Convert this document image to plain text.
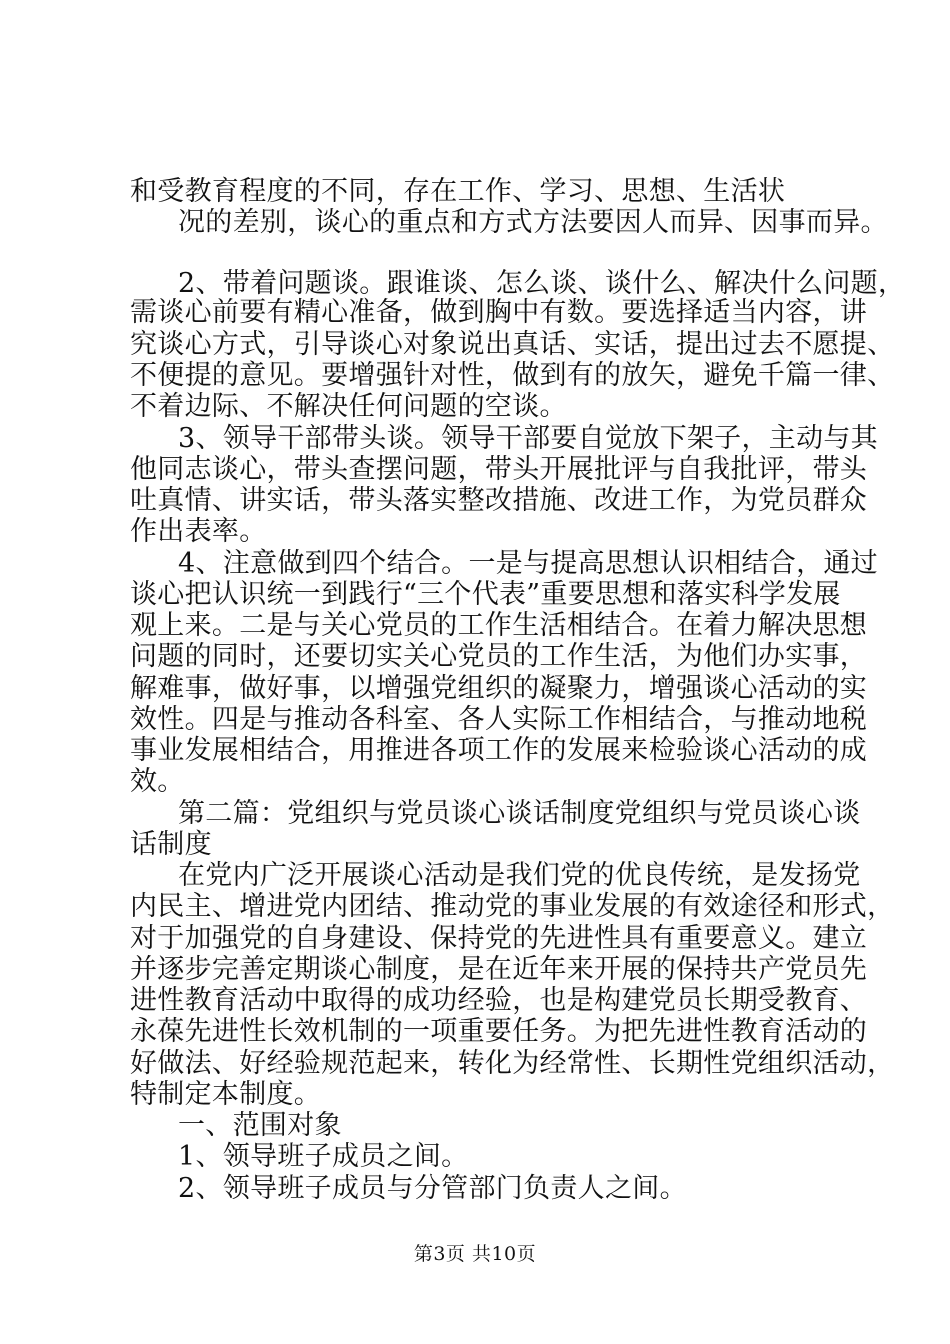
和受教育程度的不同，存在工作、学习、思想、生活状
况的差别，谈心的重点和方式方法要因人而异、因事而异。
2、带着问题谈。跟谁谈、怎么谈、谈什么、解决什么问题，
需谈心前要有精心准备，做到胸中有数。要选择适当内容，讲
究谈心方式，引导谈心对象说出真话、实话，提出过去不愿提、
不便提的意见。要增强针对性，做到有的放矢，避免千篇一律、
不着边际、不解决任何问题的空谈。
3、领导干部带头谈。领导干部要自觉放下架子，主动与其
他同志谈心，带头查摆问题，带头开展批评与自我批评，带头
吐真情、讲实话，带头落实整改措施、改进工作，为党员群众
作出表率。
4、注意做到四个结合。一是与提高思想认识相结合，通过
谈心把认识统一到践行“三个代表”重要思想和落实科学发展
观上来。二是与关心党员的工作生活相结合。在着力解决思想
问题的同时，还要切实关心党员的工作生活，为他们办实事，
解难事，做好事，以增强党组织的凝聚力，增强谈心活动的实
效性。四是与推动各科室、各人实际工作相结合，与推动地税
事业发展相结合，用推进各项工作的发展来检验谈心活动的成
效。
第二篇：党组织与党员谈心谈话制度党组织与党员谈心谈
话制度
在党内广泛开展谈心活动是我们党的优良传统，是发扬党
内民主、增进党内团结、推动党的事业发展的有效途径和形式，
对于加强党的自身建设、保持党的先进性具有重要意义。建立
并逐步完善定期谈心制度，是在近年来开展的保持共产党员先
进性教育活动中取得的成功经验，也是构建党员长期受教育、
永葆先进性长效机制的一项重要任务。为把先进性教育活动的
好做法、好经验规范起来，转化为经常性、长期性党组织活动，
特制定本制度。
一、范围对象
1、领导班子成员之间。
2、领导班子成员与分管部门负责人之间。
第3页 共10页
